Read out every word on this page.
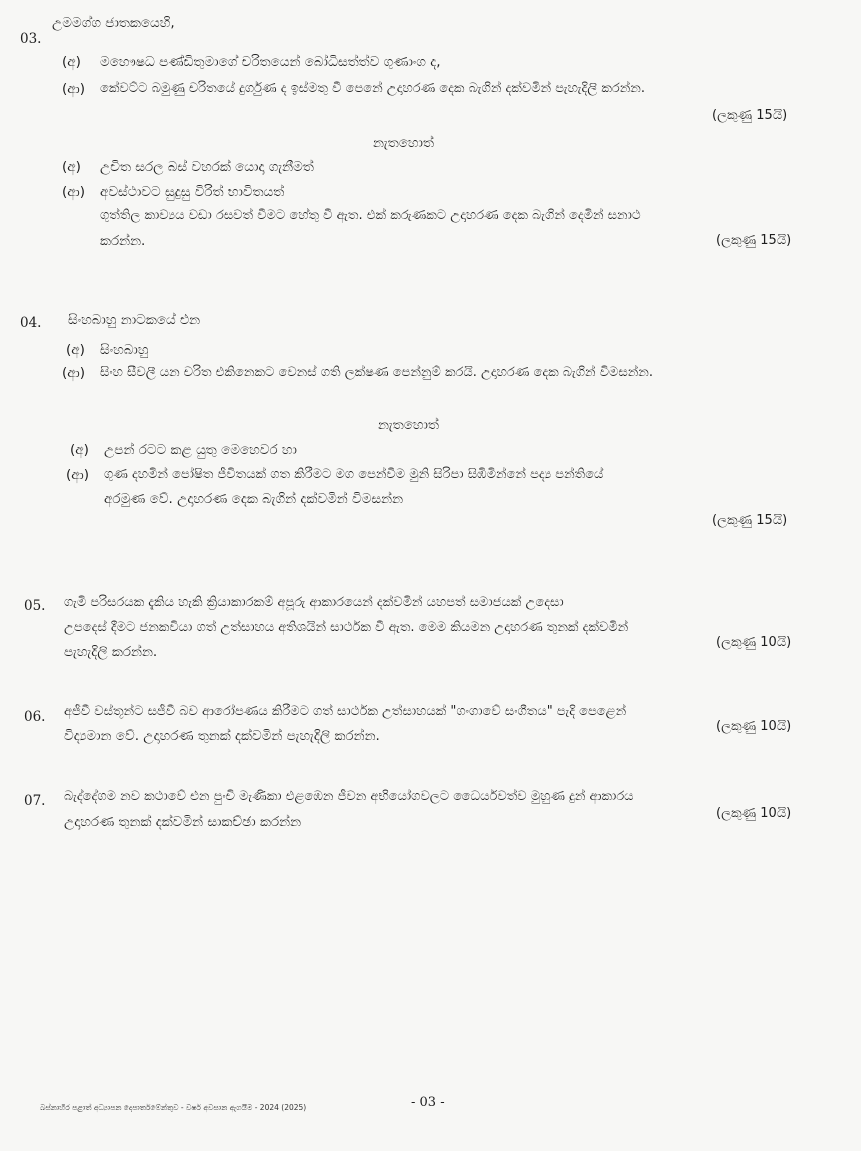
03.
උමමග්ග ජාතකයෙහි,
(අ) මහෞෂධ පණ්ඩිතුමාගේ චරිතයෙන් බෝධිසත්ත්ව ගුණාංග ද,
(ආ) කේවට්ට බමුණු චරිතයේ දුර්ගුණ ද ඉස්මතු වී පෙනේ උදාහරණ දෙක බැගින් දක්වමින් පැහැදිලි කරන්න.
(ලකුණු 15යි)
නැතහොත්
(අ) උචිත සරල බස් වහරක් යොදා ගැනීමත්
(ආ) අවස්ථාවට සුදුසු විරිත් භාවිතයත්
ගුත්තිල කාව්‍යය වඩා රසවත් වීමට හේතු වී ඇත. එක් කරුණකට උදාහරණ දෙක බැගින් දෙමින් සනාථ
කරන්න.	(ලකුණු 15යි)
04. සිංහබාහු නාටකයේ එන
(අ) සිංහබාහු
(ආ) සිංහ සීවලී යන චරිත එකිනෙකට වෙනස් ගති ලක්ෂණ පෙන්නුම් කරයි. උදාහරණ දෙක බැගින් විමසන්න.
නැතහොත්
(අ) උපන් රටට කළ යුතු මෙහෙවර හා
(ආ) ගුණ දහමින් පෝෂිත ජීවිතයක් ගත කිරීමට මග පෙන්වීම මුනි සිරිපා සිඹිමින්නේ පද්‍ය පන්තියේ
අරමුණ වේ. උදාහරණ දෙක බැගින් දක්වමින් විමසන්න
(ලකුණු 15යි)
05. ගැමි පරිසරයක දැකිය හැකි ක්‍රියාකාරකම් අපූරු ආකාරයෙන් දක්වමින් යහපත් සමාජයක් උදෙසා
උපදෙස් දීමට ජනකවියා ගත් උත්සාහය අතිශයින් සාර්ථක වී ඇත. මෙම කියමන උදාහරණ තුනක් දක්වමින්
(ලකුණු 10යි)
පැහැදිලි කරන්න.
06. අජීවී වස්තූන්ට සජීවී බව ආරෝපණය කිරීමට ගත් සාර්ථක උත්සාහයක් "ගංගාවේ සංගීතය" පැදි පෙළෙන්
(ලකුණු 10යි)
විද්‍යමාන වේ. උදාහරණ තුනක් දක්වමින් පැහැදිලි කරන්න.
07. බැද්දේගම නව කථාවේ එන පුංචි මැණිකා එළඹෙන ජීවන අභියෝගවලට ධෛර්යවත්ව මුහුණ දුන් ආකාරය
(ලකුණු 10යි)
උදාහරණ තුනක් දක්වමින් සාකච්ඡා කරන්න
බස්නාහිර පළාත් අධ්‍යාපන දෙපාර්තමේන්තුව - වර්ෂ අවසාන ඇගයීම - 2024 (2025)	- 03 -
